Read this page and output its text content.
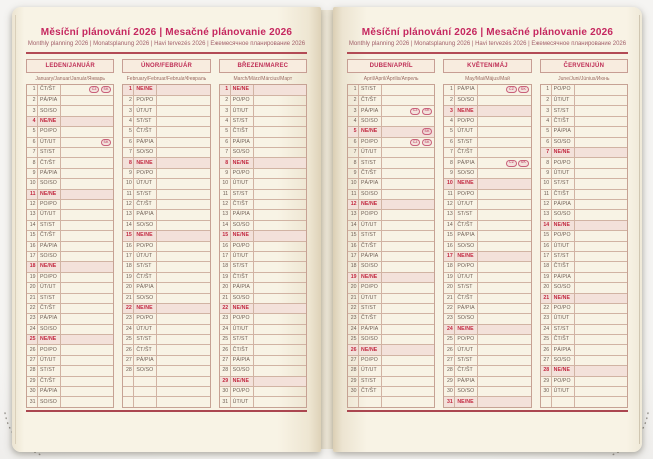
Měsíční plánování 2026 | Mesačné plánovanie 2026
Monthly planning 2026 | Monatsplanung 2026 | Havi tervezés 2026 | Ежемесячное планирование 2026
LEDEN/JANUÁR
January/Januar/Január/Январь
1 ČT/ŠT	CZ	SK
2 PÁ/PIA
3 SO/SO
4 NE/NE
5 PO/PO
6 ÚT/UT	SK
7 ST/ST
8 ČT/ŠT
9 PÁ/PIA
10 SO/SO
11 NE/NE
12 PO/PO
13 ÚT/UT
14 ST/ST
15 ČT/ŠT
16 PÁ/PIA
17 SO/SO
18 NE/NE
19 PO/PO
20 ÚT/UT
21 ST/ST
22 ČT/ŠT
23 PÁ/PIA
24 SO/SO
25 NE/NE
26 PO/PO
27 ÚT/UT
28 ST/ST
29 ČT/ŠT
30 PÁ/PIA
31 SO/SO
ÚNOR/FEBRUÁR
February/Februar/Február/Февраль
1 NE/NE
2 PO/PO
3 ÚT/UT
4 ST/ST
5 ČT/ŠT
6 PÁ/PIA
7 SO/SO
8 NE/NE
9 PO/PO
10 ÚT/UT
11 ST/ST
12 ČT/ŠT
13 PÁ/PIA
14 SO/SO
15 NE/NE
16 PO/PO
17 ÚT/UT
18 ST/ST
19 ČT/ŠT
20 PÁ/PIA
21 SO/SO
22 NE/NE
23 PO/PO
24 ÚT/UT
25 ST/ST
26 ČT/ŠT
27 PÁ/PIA
28 SO/SO
BŘEZEN/MAREC
March/März/Március/Март
1 NE/NE
2 PO/PO
3 ÚT/UT
4 ST/ST
5 ČT/ŠT
6 PÁ/PIA
7 SO/SO
8 NE/NE
9 PO/PO
10 ÚT/UT
11 ST/ST
12 ČT/ŠT
13 PÁ/PIA
14 SO/SO
15 NE/NE
16 PO/PO
17 ÚT/UT
18 ST/ST
19 ČT/ŠT
20 PÁ/PIA
21 SO/SO
22 NE/NE
23 PO/PO
24 ÚT/UT
25 ST/ST
26 ČT/ŠT
27 PÁ/PIA
28 SO/SO
29 NE/NE
30 PO/PO
31 ÚT/UT
Měsíční plánování 2026 | Mesačné plánovanie 2026
Monthly planning 2026 | Monatsplanung 2026 | Havi tervezés 2026 | Ежемесячное планирование 2026
DUBEN/APRÍL
April/April/Április/Апрель
1 ST/ST
2 ČT/ŠT
3 PÁ/PIA	CZ	SK
4 SO/SO
5 NE/NE	SK
6 PO/PO	CZ	SK
7 ÚT/UT
8 ST/ST
9 ČT/ŠT
10 PÁ/PIA
11 SO/SO
12 NE/NE
13 PO/PO
14 ÚT/UT
15 ST/ST
16 ČT/ŠT
17 PÁ/PIA
18 SO/SO
19 NE/NE
20 PO/PO
21 ÚT/UT
22 ST/ST
23 ČT/ŠT
24 PÁ/PIA
25 SO/SO
26 NE/NE
27 PO/PO
28 ÚT/UT
29 ST/ST
30 ČT/ŠT
KVĚTEN/MÁJ
May/Mai/Május/Май
1 PÁ/PIA	CZ	SK
2 SO/SO
3 NE/NE
4 PO/PO
5 ÚT/UT
6 ST/ST
7 ČT/ŠT
8 PÁ/PIA	CZ	SK
9 SO/SO
10 NE/NE
11 PO/PO
12 ÚT/UT
13 ST/ST
14 ČT/ŠT
15 PÁ/PIA
16 SO/SO
17 NE/NE
18 PO/PO
19 ÚT/UT
20 ST/ST
21 ČT/ŠT
22 PÁ/PIA
23 SO/SO
24 NE/NE
25 PO/PO
26 ÚT/UT
27 ST/ST
28 ČT/ŠT
29 PÁ/PIA
30 SO/SO
31 NE/NE
ČERVEN/JÚN
June/Juni/Június/Июнь
1 PO/PO
2 ÚT/UT
3 ST/ST
4 ČT/ŠT
5 PÁ/PIA
6 SO/SO
7 NE/NE
8 PO/PO
9 ÚT/UT
10 ST/ST
11 ČT/ŠT
12 PÁ/PIA
13 SO/SO
14 NE/NE
15 PO/PO
16 ÚT/UT
17 ST/ST
18 ČT/ŠT
19 PÁ/PIA
20 SO/SO
21 NE/NE
22 PO/PO
23 ÚT/UT
24 ST/ST
25 ČT/ŠT
26 PÁ/PIA
27 SO/SO
28 NE/NE
29 PO/PO
30 ÚT/UT
